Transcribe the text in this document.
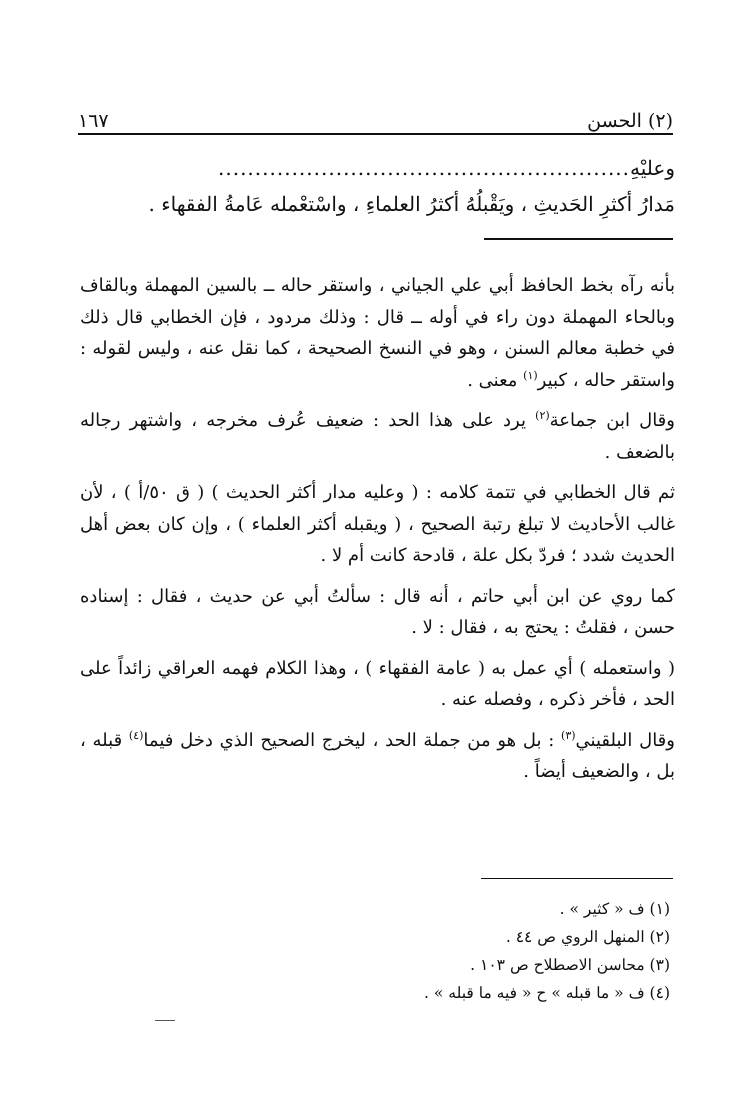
١٦٧	(٢) الحسن
وعليْهِ
........................................................
مَدارُ أكثرِ الحَديثِ ، ويَقْبلُهُ أكثرُ العلماءِ ، واسْتعْمله عَامةُ الفقهاء .

بأنه رآه بخط الحافظ أبي علي الجياني ، واستقر حاله ــ بالسين المهملة وبالقاف وبالحاء المهملة دون راء في أوله ــ قال : وذلك مردود ، فإن الخطابي قال ذلك في خطبة معالم السنن ، وهو في النسخ الصحيحة ، كما نقل عنه ، وليس لقوله : واستقر حاله ، كبير$^{(١)}$ معنى .

وقال ابن جماعة$^{(٢)}$ يرد على هذا الحد : ضعيف عُرف مخرجه ، واشتهر رجاله بالضعف .

ثم قال الخطابي في تتمة كلامه : ( وعليه مدار أكثر الحديث ) ( ق ٥٠/أ ) ، لأن غالب الأحاديث لا تبلغ رتبة الصحيح ، ( ويقبله أكثر العلماء ) ، وإن كان بعض أهل الحديث شدد ؛ فردّ بكل علة ، قادحة كانت أم لا .

كما روي عن ابن أبي حاتم ، أنه قال : سألتُ أبي عن حديث ، فقال : إسناده حسن ، فقلتُ : يحتج به ، فقال : لا .

( واستعمله ) أي عمل به ( عامة الفقهاء ) ، وهذا الكلام فهمه العراقي زائداً على الحد ، فأخر ذكره ، وفصله عنه .

وقال البلقيني$^{(٣)}$ : بل هو من جملة الحد ، ليخرج الصحيح الذي دخل فيما$^{(٤)}$ قبله ، بل ، والضعيف أيضاً .

(١) ف « كثير » .

(٢) المنهل الروي ص ٤٤ .

(٣) محاسن الاصطلاح ص ١٠٣ .

(٤) ف « ما قبله » ح « فيه ما قبله » .
